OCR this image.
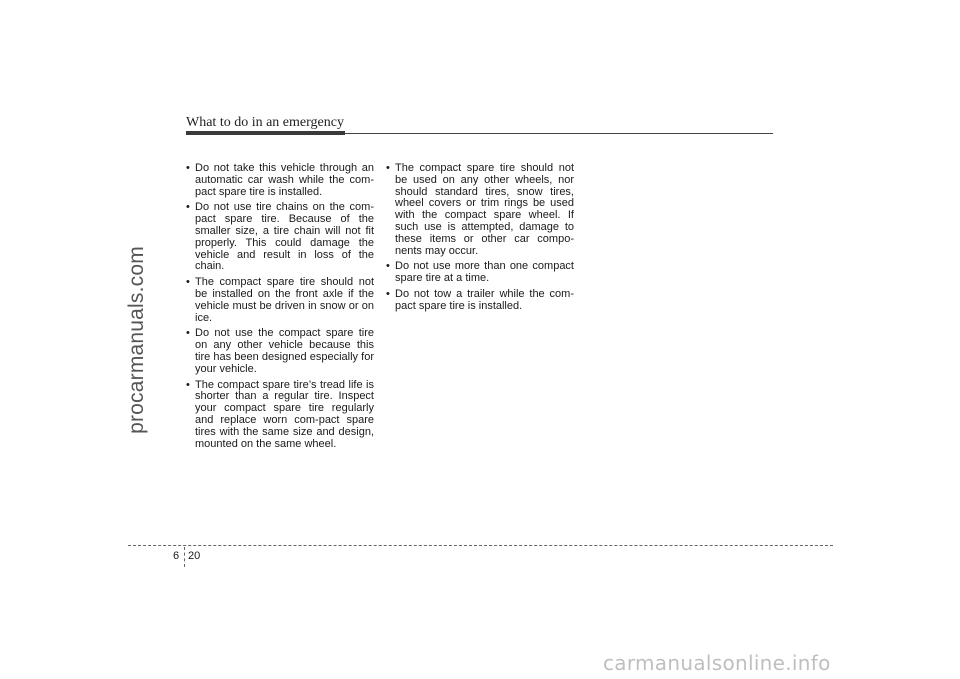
procarmanuals.com
What to do in an emergency
• Do not take this vehicle through an automatic car wash while the com-pact spare tire is installed.
• Do not use tire chains on the com-pact spare tire. Because of the smaller size, a tire chain will not fit properly. This could damage the vehicle and result in loss of the chain.
• The compact spare tire should not be installed on the front axle if the vehicle must be driven in snow or on ice.
• Do not use the compact spare tire on any other vehicle because this tire has been designed especially for your vehicle.
• The compact spare tire’s tread life is shorter than a regular tire. Inspect your compact spare tire regularly and replace worn com-pact spare tires with the same size and design, mounted on the same wheel.
• The compact spare tire should not be used on any other wheels, nor should standard tires, snow tires, wheel covers or trim rings be used with the compact spare wheel. If such use is attempted, damage to these items or other car compo-nents may occur.
• Do not use more than one compact spare tire at a time.
• Do not tow a trailer while the com-pact spare tire is installed.
6 20
carmanualsonline.info
